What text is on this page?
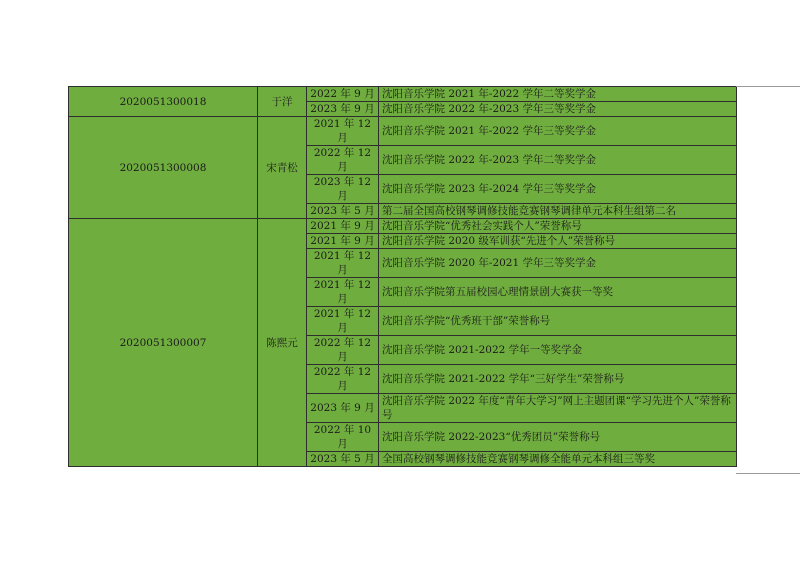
2020051300018	于洋	2022 年 9 月	沈阳音乐学院 2021 年-2022 学年二等奖学金
		2023 年 9 月	沈阳音乐学院 2022 年-2023 学年三等奖学金
2020051300008	宋青松	2021 年 12 月	沈阳音乐学院 2021 年-2022 学年三等奖学金
		2022 年 12 月	沈阳音乐学院 2022 年-2023 学年二等奖学金
		2023 年 12 月	沈阳音乐学院 2023 年-2024 学年三等奖学金
		2023 年 5 月	第二届全国高校钢琴调修技能竞赛钢琴调律单元本科生组第二名
2020051300007	陈熙元	2021 年 9 月	沈阳音乐学院“优秀社会实践个人”荣誉称号
		2021 年 9 月	沈阳音乐学院 2020 级军训获“先进个人”荣誉称号
		2021 年 12 月	沈阳音乐学院 2020 年-2021 学年三等奖学金
		2021 年 12 月	沈阳音乐学院第五届校园心理情景剧大赛获一等奖
		2021 年 12 月	沈阳音乐学院“优秀班干部”荣誉称号
		2022 年 12 月	沈阳音乐学院 2021-2022 学年一等奖学金
		2022 年 12 月	沈阳音乐学院 2021-2022 学年“三好学生”荣誉称号
		2023 年 9 月	沈阳音乐学院 2022 年度“青年大学习”网上主题团课“学习先进个人”荣誉称号
		2022 年 10 月	沈阳音乐学院 2022-2023“优秀团员”荣誉称号
		2023 年 5 月	全国高校钢琴调修技能竞赛钢琴调修全能单元本科组三等奖
